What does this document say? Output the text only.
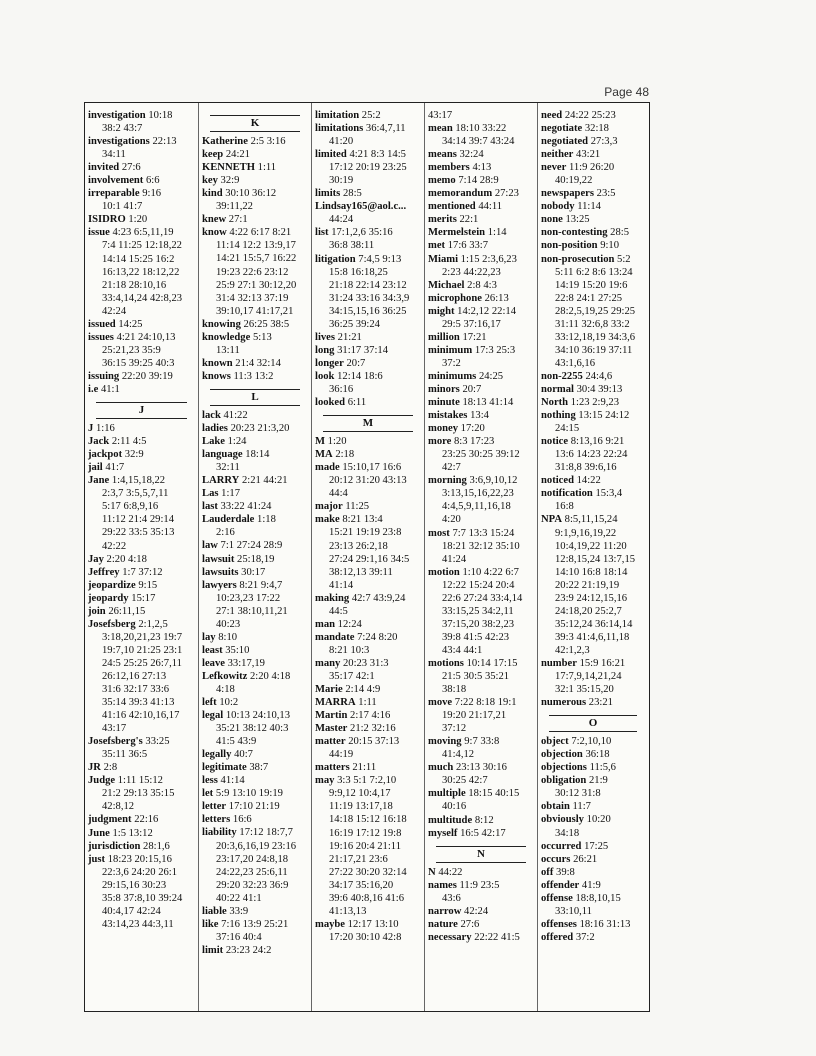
Page 48
investigation 10:18
38:2 43:7
investigations 22:13
34:11
invited 27:6
involvement 6:6
irreparable 9:16
10:1 41:7
ISIDRO 1:20
issue 4:23 6:5,11,19
7:4 11:25 12:18,22
14:14 15:25 16:2
16:13,22 18:12,22
21:18 28:10,16
33:4,14,24 42:8,23
42:24
issued 14:25
issues 4:21 24:10,13
25:21,23 35:9
36:15 39:25 40:3
issuing 22:20 39:19
i.e 41:1
J
J 1:16
Jack 2:11 4:5
jackpot 32:9
jail 41:7
Jane 1:4,15,18,22
2:3,7 3:5,5,7,11
5:17 6:8,9,16
11:12 21:4 29:14
29:22 33:5 35:13
42:22
Jay 2:20 4:18
Jeffrey 1:7 37:12
jeopardize 9:15
jeopardy 15:17
join 26:11,15
Josefsberg 2:1,2,5
3:18,20,21,23 19:7
19:7,10 21:25 23:1
24:5 25:25 26:7,11
26:12,16 27:13
31:6 32:17 33:6
35:14 39:3 41:13
41:16 42:10,16,17
43:17
Josefsberg's 33:25
35:11 36:5
JR 2:8
Judge 1:11 15:12
21:2 29:13 35:15
42:8,12
judgment 22:16
June 1:5 13:12
jurisdiction 28:1,6
just 18:23 20:15,16
22:3,6 24:20 26:1
29:15,16 30:23
35:8 37:8,10 39:24
40:4,17 42:24
43:14,23 44:3,11
K
Katherine 2:5 3:16
keep 24:21
KENNETH 1:11
key 32:9
kind 30:10 36:12
39:11,22
knew 27:1
know 4:22 6:17 8:21
11:14 12:2 13:9,17
14:21 15:5,7 16:22
19:23 22:6 23:12
25:9 27:1 30:12,20
31:4 32:13 37:19
39:10,17 41:17,21
knowing 26:25 38:5
knowledge 5:13
13:11
known 21:4 32:14
knows 11:3 13:2
L
lack 41:22
ladies 20:23 21:3,20
Lake 1:24
language 18:14
32:11
LARRY 2:21 44:21
Las 1:17
last 33:22 41:24
Lauderdale 1:18
2:16
law 7:1 27:24 28:9
lawsuit 25:18,19
lawsuits 30:17
lawyers 8:21 9:4,7
10:23,23 17:22
27:1 38:10,11,21
40:23
lay 8:10
least 35:10
leave 33:17,19
Lefkowitz 2:20 4:18
4:18
left 10:2
legal 10:13 24:10,13
35:21 38:12 40:3
41:5 43:9
legally 40:7
legitimate 38:7
less 41:14
let 5:9 13:10 19:19
letter 17:10 21:19
letters 16:6
liability 17:12 18:7,7
20:3,6,16,19 23:16
23:17,20 24:8,18
24:22,23 25:6,11
29:20 32:23 36:9
40:22 41:1
liable 33:9
like 7:16 13:9 25:21
37:16 40:4
limit 23:23 24:2
limitation 25:2
limitations 36:4,7,11
41:20
limited 4:21 8:3 14:5
17:12 20:19 23:25
30:19
limits 28:5
Lindsay165@aol.c...
44:24
list 17:1,2,6 35:16
36:8 38:11
litigation 7:4,5 9:13
15:8 16:18,25
21:18 22:14 23:12
31:24 33:16 34:3,9
34:15,15,16 36:25
36:25 39:24
lives 21:21
long 31:17 37:14
longer 20:7
look 12:14 18:6
36:16
looked 6:11
M
M 1:20
MA 2:18
made 15:10,17 16:6
20:12 31:20 43:13
44:4
major 11:25
make 8:21 13:4
15:21 19:19 23:8
23:13 26:2,18
27:24 29:1,16 34:5
38:12,13 39:11
41:14
making 42:7 43:9,24
44:5
man 12:24
mandate 7:24 8:20
8:21 10:3
many 20:23 31:3
35:17 42:1
Marie 2:14 4:9
MARRA 1:11
Martin 2:17 4:16
Master 21:2 32:16
matter 20:15 37:13
44:19
matters 21:11
may 3:3 5:1 7:2,10
9:9,12 10:4,17
11:19 13:17,18
14:18 15:12 16:18
16:19 17:12 19:8
19:16 20:4 21:11
21:17,21 23:6
27:22 30:20 32:14
34:17 35:16,20
39:6 40:8,16 41:6
41:13,13
maybe 12:17 13:10
17:20 30:10 42:8
43:17
mean 18:10 33:22
34:14 39:7 43:24
means 32:24
members 4:13
memo 7:14 28:9
memorandum 27:23
mentioned 44:11
merits 22:1
Mermelstein 1:14
met 17:6 33:7
Miami 1:15 2:3,6,23
2:23 44:22,23
Michael 2:8 4:3
microphone 26:13
might 14:2,12 22:14
29:5 37:16,17
million 17:21
minimum 17:3 25:3
37:2
minimums 24:25
minors 20:7
minute 18:13 41:14
mistakes 13:4
money 17:20
more 8:3 17:23
23:25 30:25 39:12
42:7
morning 3:6,9,10,12
3:13,15,16,22,23
4:4,5,9,11,16,18
4:20
most 7:7 13:3 15:24
18:21 32:12 35:10
41:24
motion 1:10 4:22 6:7
12:22 15:24 20:4
22:6 27:24 33:4,14
33:15,25 34:2,11
37:15,20 38:2,23
39:8 41:5 42:23
43:4 44:1
motions 10:14 17:15
21:5 30:5 35:21
38:18
move 7:22 8:18 19:1
19:20 21:17,21
37:12
moving 9:7 33:8
41:4,12
much 23:13 30:16
30:25 42:7
multiple 18:15 40:15
40:16
multitude 8:12
myself 16:5 42:17
N
N 44:22
names 11:9 23:5
43:6
narrow 42:24
nature 27:6
necessary 22:22 41:5
need 24:22 25:23
negotiate 32:18
negotiated 27:3,3
neither 43:21
never 11:9 26:20
40:19,22
newspapers 23:5
nobody 11:14
none 13:25
non-contesting 28:5
non-position 9:10
non-prosecution 5:2
5:11 6:2 8:6 13:24
14:19 15:20 19:6
22:8 24:1 27:25
28:2,5,19,25 29:25
31:11 32:6,8 33:2
33:12,18,19 34:3,6
34:10 36:19 37:11
43:1,6,16
non-2255 24:4,6
normal 30:4 39:13
North 1:23 2:9,23
nothing 13:15 24:12
24:15
notice 8:13,16 9:21
13:6 14:23 22:24
31:8,8 39:6,16
noticed 14:22
notification 15:3,4
16:8
NPA 8:5,11,15,24
9:1,9,16,19,22
10:4,19,22 11:20
12:8,15,24 13:7,15
14:10 16:8 18:14
20:22 21:19,19
23:9 24:12,15,16
24:18,20 25:2,7
35:12,24 36:14,14
39:3 41:4,6,11,18
42:1,2,3
number 15:9 16:21
17:7,9,14,21,24
32:1 35:15,20
numerous 23:21
O
object 7:2,10,10
objection 36:18
objections 11:5,6
obligation 21:9
30:12 31:8
obtain 11:7
obviously 10:20
34:18
occurred 17:25
occurs 26:21
off 39:8
offender 41:9
offense 18:8,10,15
33:10,11
offenses 18:16 31:13
offered 37:2
